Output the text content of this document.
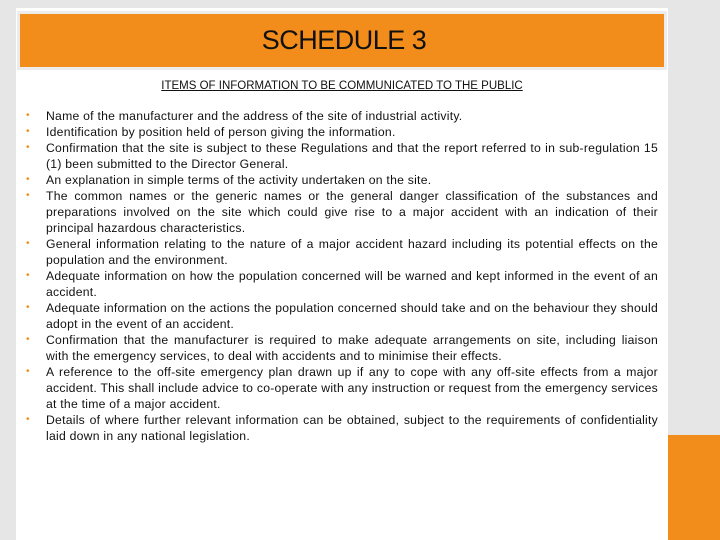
SCHEDULE 3
ITEMS OF INFORMATION TO BE COMMUNICATED TO THE PUBLIC
• Name of the manufacturer and the address of the site of industrial activity.
• Identification by position held of person giving the information.
• Confirmation that the site is subject to these Regulations and that the report referred to in sub-regulation 15 (1) been submitted to the Director General.
• An explanation in simple terms of the activity undertaken on the site.
• The common names or the generic names or the general danger classification of the substances and preparations involved on the site which could give rise to a major accident with an indication of their principal hazardous characteristics.
• General information relating to the nature of a major accident hazard including its potential effects on the population and the environment.
• Adequate information on how the population concerned will be warned and kept informed in the event of an accident.
• Adequate information on the actions the population concerned should take and on the behaviour they should adopt in the event of an accident.
• Confirmation that the manufacturer is required to make adequate arrangements on site, including liaison with the emergency services, to deal with accidents and to minimise their effects.
• A reference to the off-site emergency plan drawn up if any to cope with any off-site effects from a major accident. This shall include advice to co-operate with any instruction or request from the emergency services at the time of a major accident.
• Details of where further relevant information can be obtained, subject to the requirements of confidentiality laid down in any national legislation.
